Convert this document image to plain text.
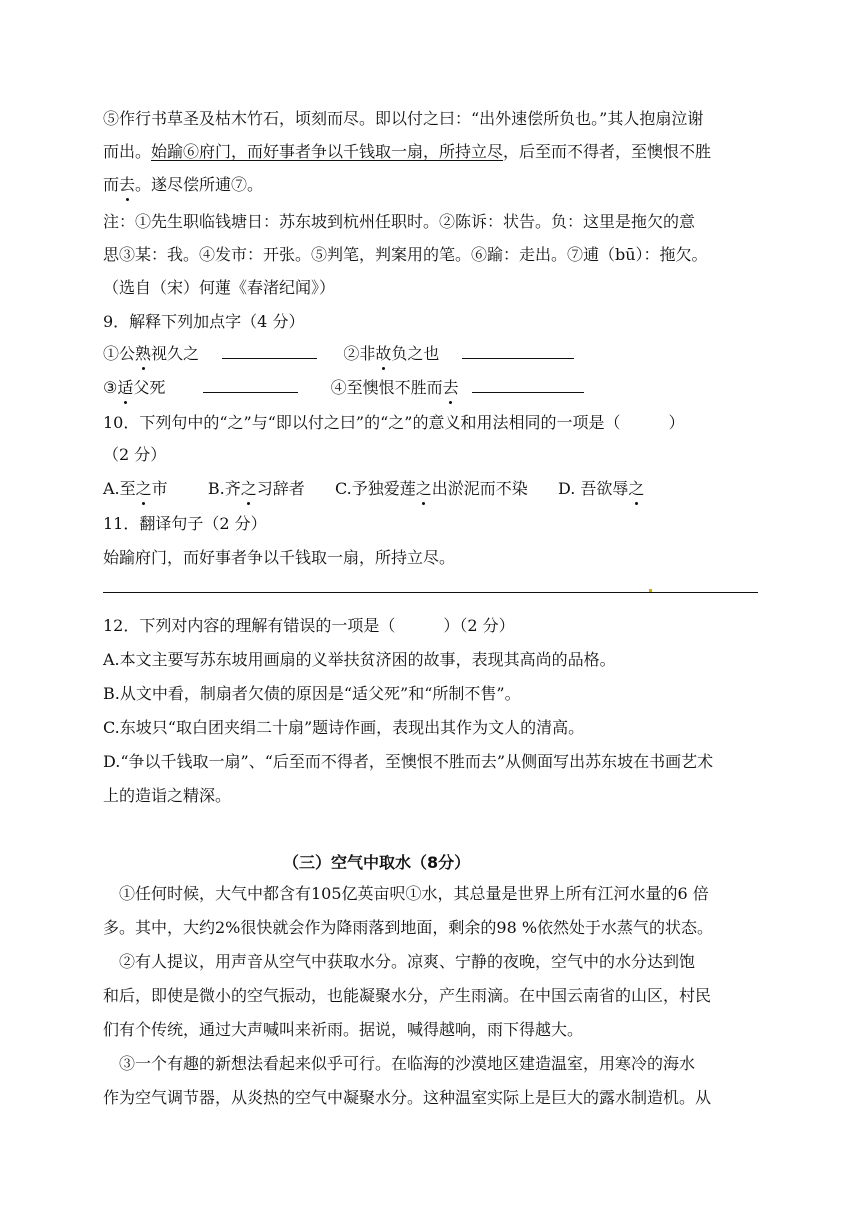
⑤作行书草圣及枯木竹石，顷刻而尽。即以付之曰：“出外速偿所负也。”其人抱扇泣谢
而出。始踰⑥府门，而好事者争以千钱取一扇，所持立尽，后至而不得者，至懊恨不胜
而去。遂尽偿所逋⑦。
注：①先生职临钱塘日：苏东坡到杭州任职时。②陈诉：状告。负：这里是拖欠的意
思③某：我。④发市：开张。⑤判笔，判案用的笔。⑥踰：走出。⑦逋（bū）：拖欠。
（选自（宋）何蓮《春渚纪闻》）
9．解释下列加点字（4 分）
①公熟视久之	②非故负之也
③适父死	④至懊恨不胜而去
10．下列句中的“之”与“即以付之曰”的“之”的意义和用法相同的一项是（　　　）
（2 分）
A.至之市	B.齐之习辞者 C.予独爱莲之出淤泥而不染 D. 吾欲辱之
11．翻译句子（2 分）
始踰府门，而好事者争以千钱取一扇，所持立尽。
12．下列对内容的理解有错误的一项是（　　　）（2 分）
A.本文主要写苏东坡用画扇的义举扶贫济困的故事，表现其高尚的品格。
B.从文中看，制扇者欠债的原因是“适父死”和“所制不售”。
C.东坡只“取白团夹绢二十扇”题诗作画，表现出其作为文人的清高。
D.“争以千钱取一扇”、“后至而不得者，至懊恨不胜而去”从侧面写出苏东坡在书画艺术
上的造诣之精深。
（三）空气中取水（8分）
①任何时候，大气中都含有105亿英亩呎①水，其总量是世界上所有江河水量的6 倍
多。其中，大约2%很快就会作为降雨落到地面，剩余的98 %依然处于水蒸气的状态。
②有人提议，用声音从空气中获取水分。凉爽、宁静的夜晚，空气中的水分达到饱
和后，即使是微小的空气振动，也能凝聚水分，产生雨滴。在中国云南省的山区，村民
们有个传统，通过大声喊叫来祈雨。据说，喊得越响，雨下得越大。
③一个有趣的新想法看起来似乎可行。在临海的沙漠地区建造温室，用寒冷的海水
作为空气调节器，从炎热的空气中凝聚水分。这种温室实际上是巨大的露水制造机。从
